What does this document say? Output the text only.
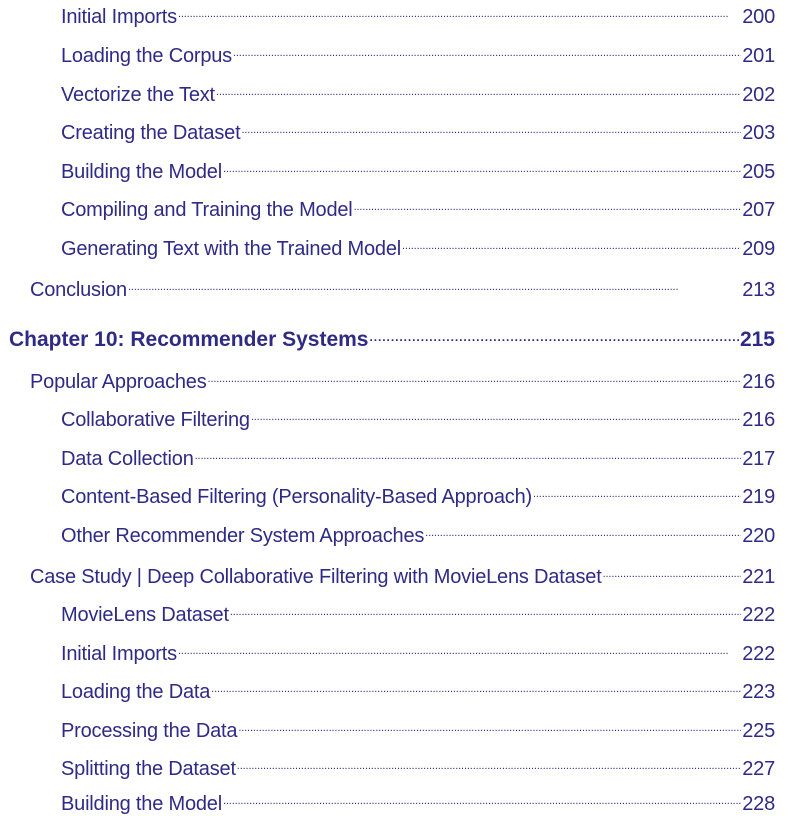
Initial Imports . . .	200
Loading the Corpus . . .	201
Vectorize the Text . . .	202
Creating the Dataset . . .	203
Building the Model . . .	205
Compiling and Training the Model . . .	207
Generating Text with the Trained Model . . .	209
Conclusion . . .	213
Chapter 10: Recommender Systems . . .	215
Popular Approaches . . .	216
Collaborative Filtering . . .	216
Data Collection . . .	217
Content-Based Filtering (Personality-Based Approach) . . .	219
Other Recommender System Approaches . . .	220
Case Study | Deep Collaborative Filtering with MovieLens Dataset . . .	221
MovieLens Dataset . . .	222
Initial Imports . . .	222
Loading the Data . . .	223
Processing the Data . . .	225
Splitting the Dataset . . .	227
Building the Model . . .	228
